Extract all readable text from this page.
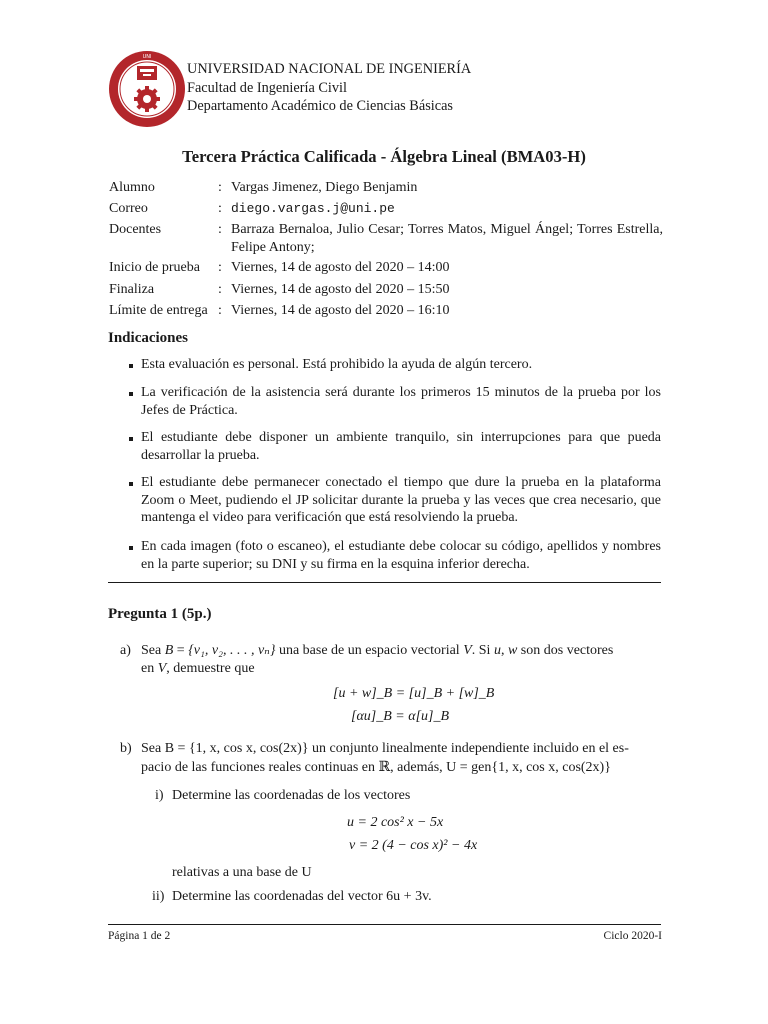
UNI
UNIVERSIDAD NACIONAL DE INGENIERÍA
Facultad de Ingeniería Civil
Departamento Académico de Ciencias Básicas
Tercera Práctica Calificada - Álgebra Lineal (BMA03-H)
Alumno	: Vargas Jimenez, Diego Benjamin
Correo	: diego.vargas.j@uni.pe
Docentes	: Barraza Bernaloa, Julio Cesar; Torres Matos, Miguel Ángel; Torres Estrella, Felipe Antony;
Inicio de prueba : Viernes, 14 de agosto del 2020 – 14:00
Finaliza	: Viernes, 14 de agosto del 2020 – 15:50
Límite de entrega : Viernes, 14 de agosto del 2020 – 16:10
Indicaciones
Esta evaluación es personal. Está prohibido la ayuda de algún tercero.
La verificación de la asistencia será durante los primeros 15 minutos de la prueba por los Jefes de Práctica.
El estudiante debe disponer un ambiente tranquilo, sin interrupciones para que pueda desarrollar la prueba.
El estudiante debe permanecer conectado el tiempo que dure la prueba en la plataforma Zoom o Meet, pudiendo el JP solicitar durante la prueba y las veces que crea necesario, que mantenga el video para verificación que está resolviendo la prueba.
En cada imagen (foto o escaneo), el estudiante debe colocar su código, apellidos y nombres en la parte superior; su DNI y su firma en la esquina inferior derecha.
Pregunta 1 (5p.)
a) Sea B = {v₁, v₂, . . . , vₙ} una base de un espacio vectorial V. Si u, w son dos vectores
en V, demuestre que
[u + w]_B = [u]_B + [w]_B
[αu]_B = α[u]_B
b) Sea B = {1, x, cos x, cos(2x)} un conjunto linealmente independiente incluido en el es-
pacio de las funciones reales continuas en ℝ, además, U = gen{1, x, cos x, cos(2x)}
i) Determine las coordenadas de los vectores
u = 2 cos² x − 5x
v = 2 (4 − cos x)² − 4x
relativas a una base de U
ii) Determine las coordenadas del vector 6u + 3v.
Página 1 de 2	Ciclo 2020-I
